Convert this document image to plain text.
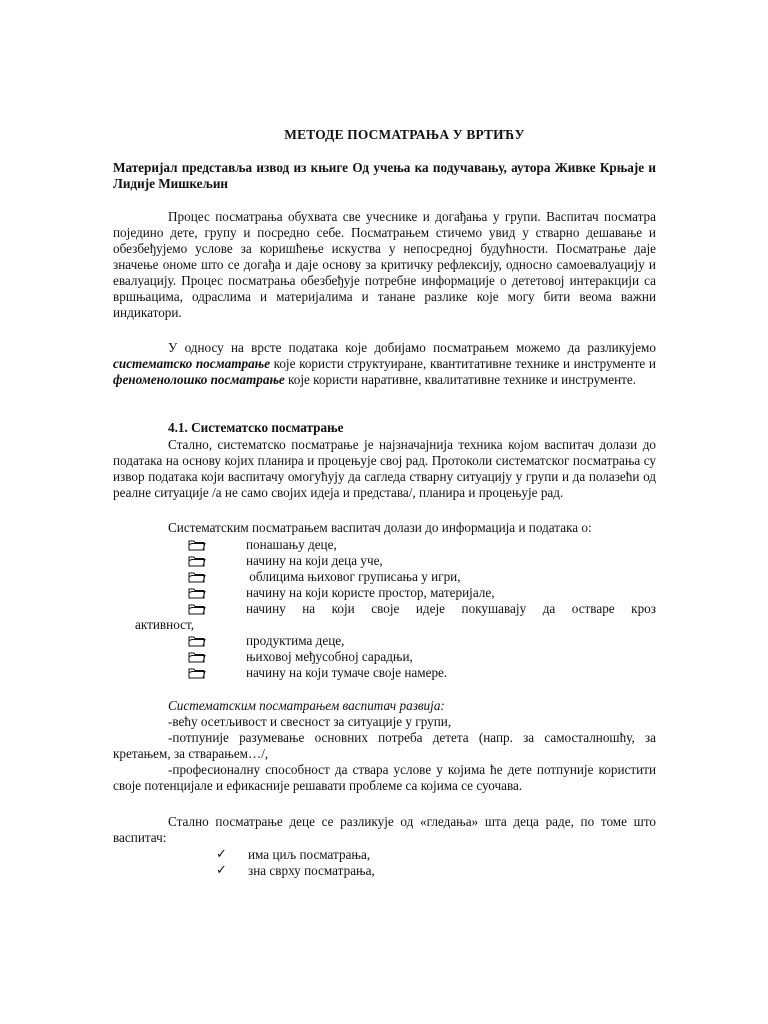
МЕТОДЕ ПОСМАТРАЊА У ВРТИЋУ
Материјал представља извод из књиге Од учења ка подучавању, аутора Живке Крњаје и Лидије Мишкељин

Процес посматрања обухвата све учеснике и догађања у групи. Васпитач посматра појединo дете, групу и посредно себе. Посматрањем стичемо увид у стварно дешавање и обезбеђујемо услове за коришћење искуства у непосредној будућности. Посматрање даје значење ономе што се догађа и даје основу за критичку рефлексију, односно самоевалуацију и евалуацију. Процес посматрања обезбеђује потребне информације о дететовој интеракцији са вршњацима, одраслима и материјалима и танане разлике које могу бити веома важни индикатори.

У односу на врсте података које добијамо посматрањем можемо да разликујемо систематско посматрање које користи структуиране, квантитативне технике и инструменте и феноменолошко посматрање које користи наративне, квалитативне технике и инструменте.

4.1. Систематско посматрање

Стално, систематско посматрање је најзначајнија техника којом васпитач долази до података на основу којих планира и процењује свој рад. Протоколи систематског посматрања су извор података који васпитачу омогућују да сагледа стварну ситуацију у групи и да полазећи од реалне ситуације /а не само својих идеја и представа/, планира и процењује рад.

Систематским посматрањем васпитач долази до информација и података о:

понашању деце,
начину на који деца уче,
облицима њиховог груписања у игри,
начину на који користе простор, материјале,
начину на који своје идеје покушавају да остваре кроз
активност,
продуктима деце,
њиховој међусобној сарадњи,
начину на који тумаче своје намере.

Систематским посматрањем васпитач развија:

-већу осетљивост и свесност за ситуације у групи,

-потпуније разумевање основних потреба детета (напр. за самосталношћу, за кретањем, за стварањем…/,

-професионалну способност да ствара услове у којима ће дете потпуније користити своје потенцијале и ефикасније решавати проблеме са којима се суочава.

Стално посматрање деце се разликује од «гледања» шта деца раде, по томе што васпитач:

✓ има циљ посматрања,
✓ зна сврху посматрања,
